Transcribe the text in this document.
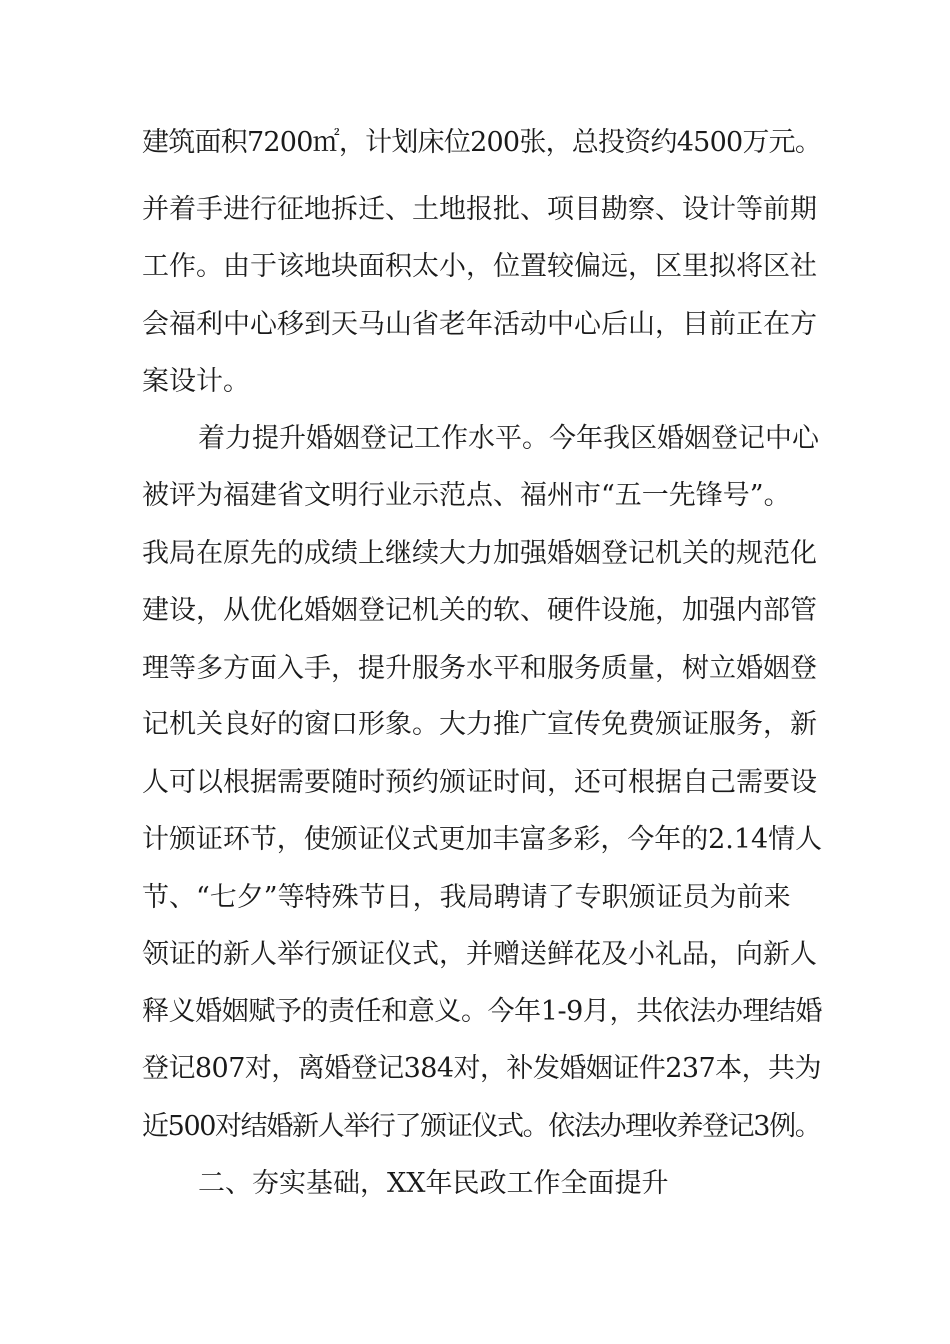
建筑面积7200㎡，计划床位200张，总投资约4500万元。
并着手进行征地拆迁、土地报批、项目勘察、设计等前期
工作。由于该地块面积太小，位置较偏远，区里拟将区社
会福利中心移到天马山省老年活动中心后山，目前正在方
案设计。
着力提升婚姻登记工作水平。今年我区婚姻登记中心
被评为福建省文明行业示范点、福州市“五一先锋号”。
我局在原先的成绩上继续大力加强婚姻登记机关的规范化
建设，从优化婚姻登记机关的软、硬件设施，加强内部管
理等多方面入手，提升服务水平和服务质量，树立婚姻登
记机关良好的窗口形象。大力推广宣传免费颁证服务，新
人可以根据需要随时预约颁证时间，还可根据自己需要设
计颁证环节，使颁证仪式更加丰富多彩，今年的2.14情人
节、“七夕”等特殊节日，我局聘请了专职颁证员为前来
领证的新人举行颁证仪式，并赠送鲜花及小礼品，向新人
释义婚姻赋予的责任和意义。今年1-9月，共依法办理结婚
登记807对，离婚登记384对，补发婚姻证件237本，共为
近500对结婚新人举行了颁证仪式。依法办理收养登记3例。
二、夯实基础，XX年民政工作全面提升
